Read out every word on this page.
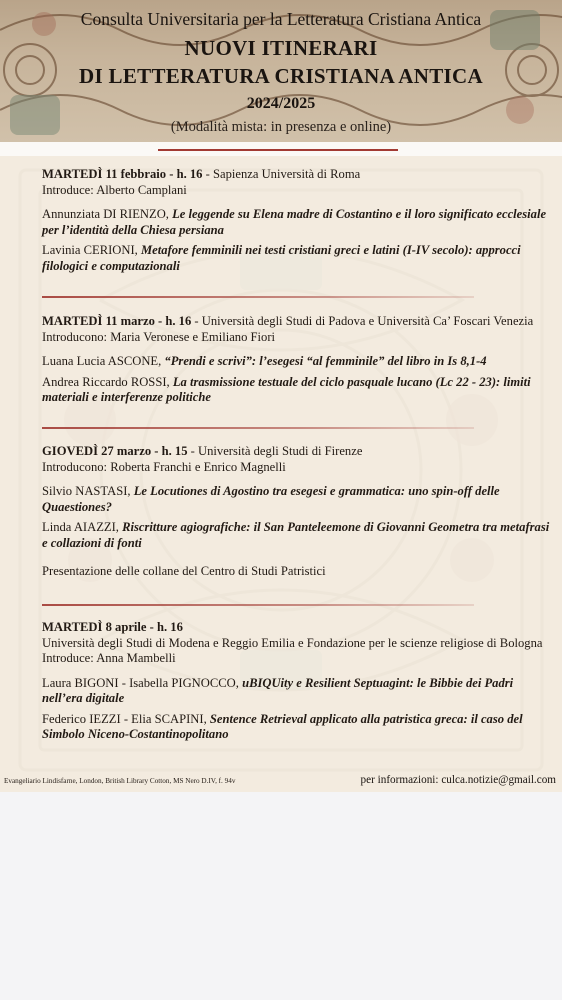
Consulta Universitaria per la Letteratura Cristiana Antica
NUOVI ITINERARI
DI LETTERATURA CRISTIANA ANTICA
2024/2025
(Modalità mista: in presenza e online)

MARTEDÌ 11 febbraio - h. 16 - Sapienza Università di Roma

Introduce: Alberto Camplani

Annunziata DI RIENZO, Le leggende su Elena madre di Costantino e il loro significato ecclesiale per l’identità della Chiesa persiana

Lavinia CERIONI, Metafore femminili nei testi cristiani greci e latini (I-IV secolo): approcci filologici e computazionali

MARTEDÌ 11 marzo - h. 16 - Università degli Studi di Padova e Università Ca’ Foscari Venezia

Introducono: Maria Veronese e Emiliano Fiori

Luana Lucia ASCONE, “Prendi e scrivi”: l’esegesi “al femminile” del libro in Is 8,1-4

Andrea Riccardo ROSSI, La trasmissione testuale del ciclo pasquale lucano (Lc 22 - 23): limiti materiali e interferenze politiche

GIOVEDÌ 27 marzo - h. 15 - Università degli Studi di Firenze

Introducono: Roberta Franchi e Enrico Magnelli

Silvio NASTASI, Le Locutiones di Agostino tra esegesi e grammatica: uno spin-off delle Quaestiones?

Linda AIAZZI, Riscritture agiografiche: il San Panteleemone di Giovanni Geometra tra metafrasi e collazioni di fonti

Presentazione delle collane del Centro di Studi Patristici

MARTEDÌ 8 aprile - h. 16

Università degli Studi di Modena e Reggio Emilia e Fondazione per le scienze religiose di Bologna

Introduce: Anna Mambelli

Laura BIGONI - Isabella PIGNOCCO, uBIQUity e Resilient Septuagint: le Bibbie dei Padri nell’era digitale

Federico IEZZI - Elia SCAPINI, Sentence Retrieval applicato alla patristica greca: il caso del Simbolo Niceno-Costantinopolitano

Evangeliario Lindisfarne, London, British Library Cotton, MS Nero D.IV, f. 94v	per informazioni: culca.notizie@gmail.com
